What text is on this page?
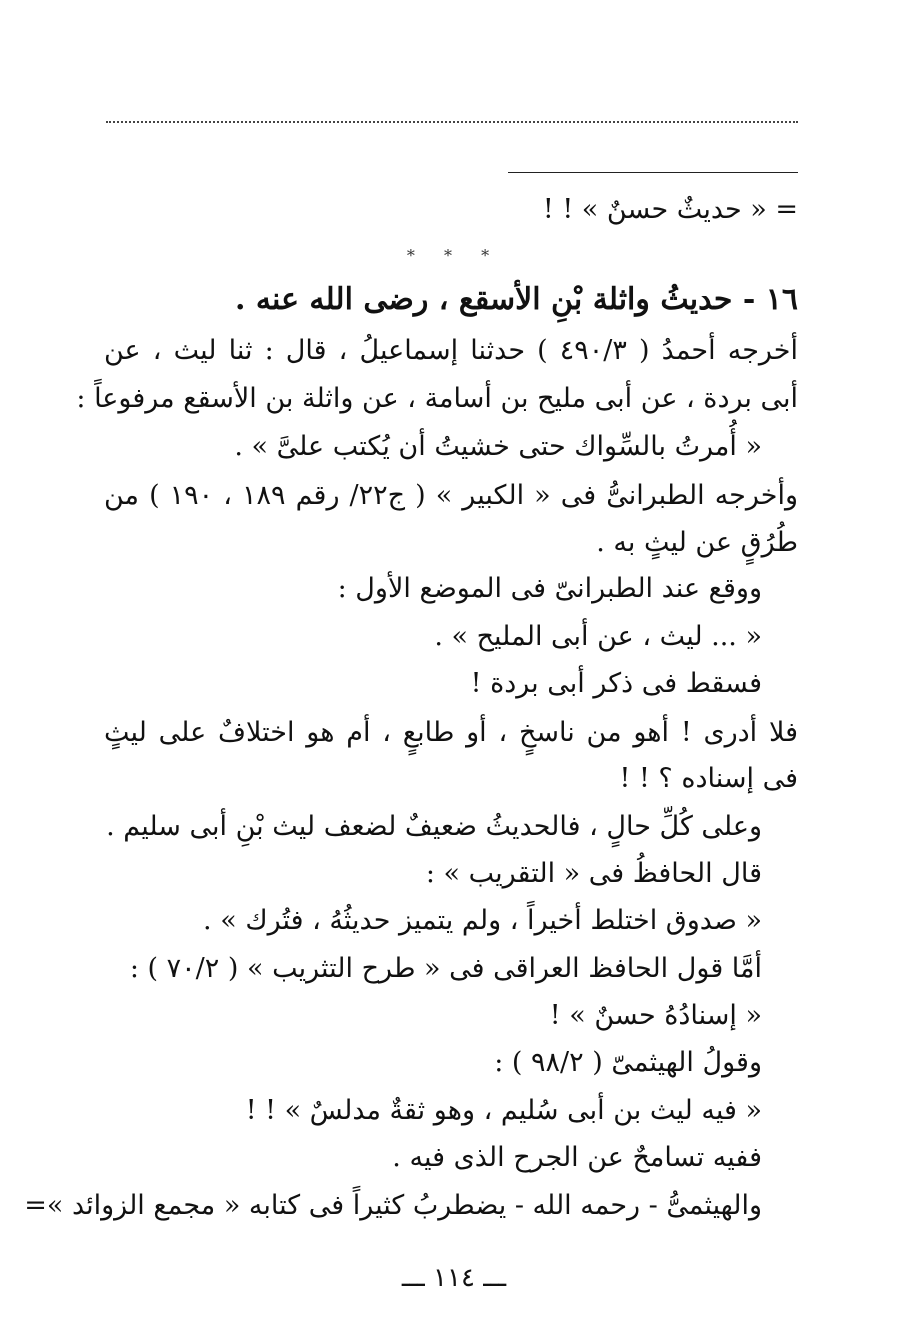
= « حديثٌ حسنٌ » ! !
* * *
١٦ - حديثُ واثلة بْنِ الأسقع ، رضى الله عنه .
أخرجه أحمدُ ( ٤٩٠/٣ ) حدثنا إسماعيلُ ، قال : ثنا ليث ، عن
أبى بردة ، عن أبى مليح بن أسامة ، عن واثلة بن الأسقع مرفوعاً :
« أُمرتُ بالسِّواك حتى خشيتُ أن يُكتب علىَّ » .
وأخرجه الطبرانىُّ فى « الكبير » ( ج٢٢/ رقم ١٨٩ ، ١٩٠ ) من
طُرُقٍ عن ليثٍ به .
ووقع عند الطبرانىّ فى الموضع الأول :
« ... ليث ، عن أبى المليح » .
فسقط فى ذكر أبى بردة !
فلا أدرى ! أهو من ناسخٍ ، أو طابعٍ ، أم هو اختلافٌ على ليثٍ
فى إسناده ؟ ! !
وعلى كُلِّ حالٍ ، فالحديثُ ضعيفٌ لضعف ليث بْنِ أبى سليم .
قال الحافظُ فى « التقريب » :
« صدوق اختلط أخيراً ، ولم يتميز حديثُهُ ، فتُرك » .
أمَّا قول الحافظ العراقى فى « طرح التثريب » ( ٧٠/٢ ) :
« إسنادُهُ حسنٌ » !
وقولُ الهيثمىّ ( ٩٨/٢ ) :
« فيه ليث بن أبى سُليم ، وهو ثقةٌ مدلسٌ » ! !
ففيه تسامحٌ عن الجرح الذى فيه .
والهيثمىُّ - رحمه الله - يضطربُ كثيراً فى كتابه « مجمع الزوائد »=
ـــ ١١٤ ـــ
